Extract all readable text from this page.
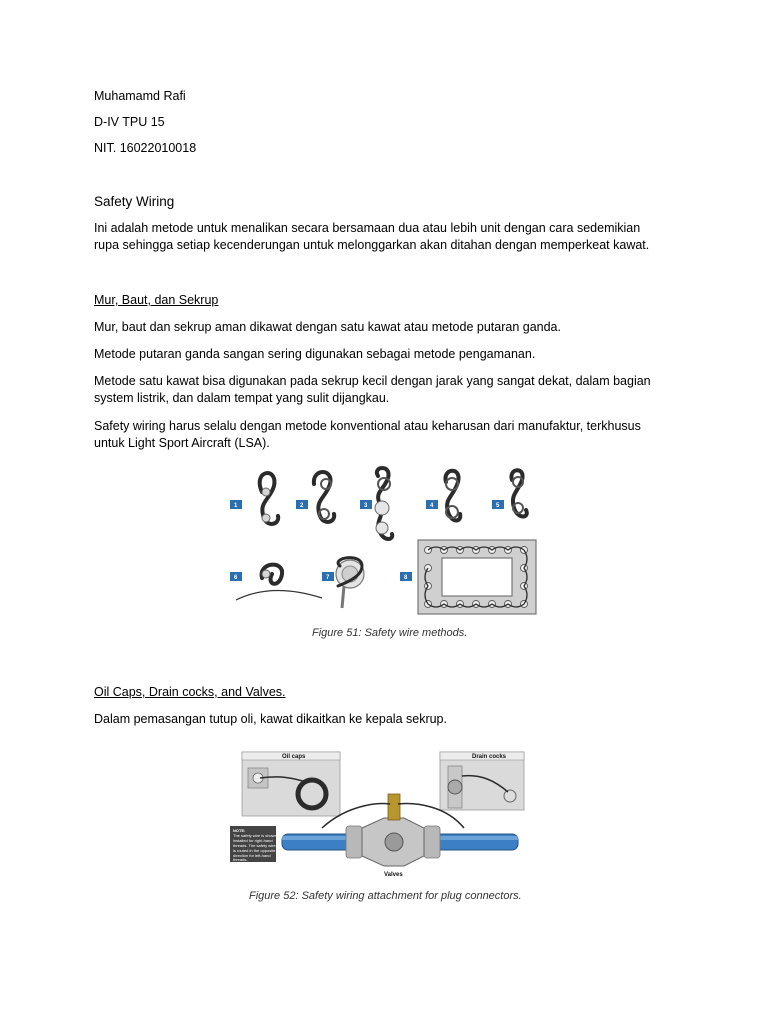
Muhamamd Rafi
D-IV TPU 15
NIT. 16022010018
Safety Wiring
Ini adalah metode untuk menalikan secara bersamaan dua atau lebih unit dengan cara sedemikian
rupa sehingga setiap kecenderungan untuk melonggarkan akan ditahan dengan memperkeat kawat.
Mur, Baut, dan Sekrup
Mur, baut dan sekrup aman dikawat dengan satu kawat atau metode putaran ganda.
Metode putaran ganda sangan sering digunakan sebagai metode pengamanan.
Metode satu kawat bisa digunakan pada sekrup kecil dengan jarak yang sangat dekat, dalam bagian
system listrik, dan dalam tempat yang sulit dijangkau.
Safety wiring harus selalu dengan metode konventional atau keharusan dari manufaktur, terkhusus
untuk Light Sport Aircraft (LSA).
1	2	3	4	5
6	7	8
Figure 51: Safety wire methods.
Oil Caps, Drain cocks, and Valves.
Dalam pemasangan tutup oli, kawat dikaitkan ke kepala sekrup.
Oil caps	Drain cocks
NOTE:
The safety wire is shown
installed for right-hand
threads. The safety wire
is routed in the opposite
direction for left-hand
threads.
Valves
Figure 52: Safety wiring attachment for plug connectors.
